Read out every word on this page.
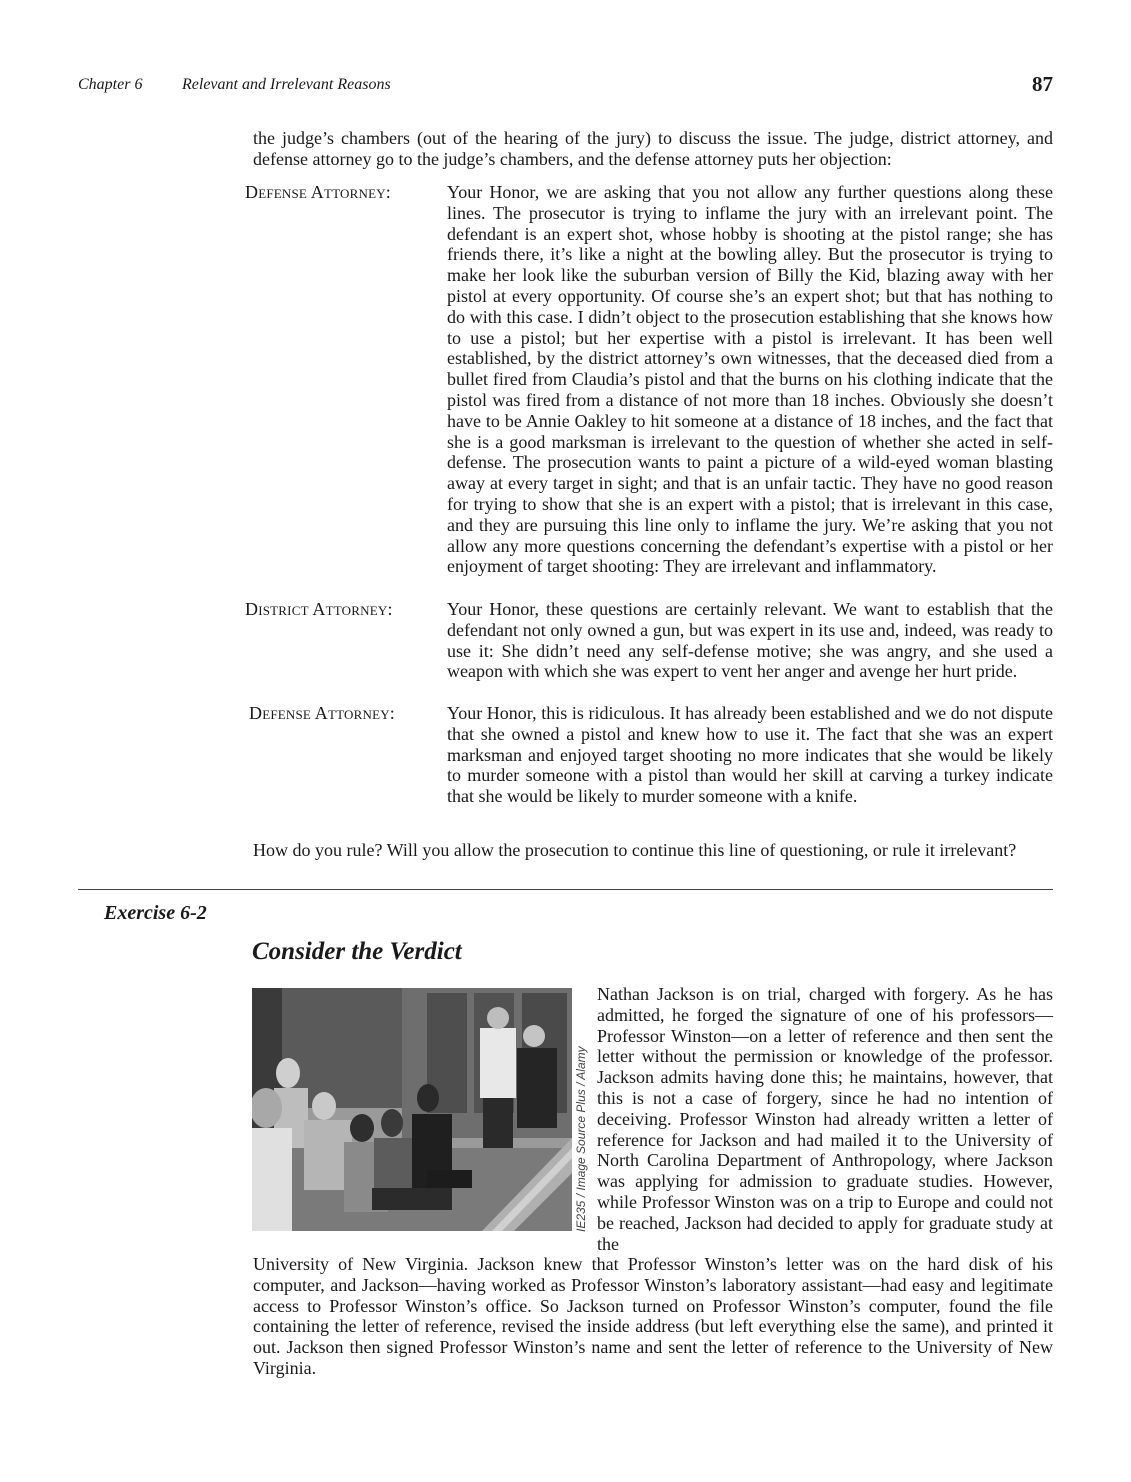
Chapter 6 Relevant and Irrelevant Reasons	87
the judge’s chambers (out of the hearing of the jury) to discuss the issue. The judge, district attorney, and defense attorney go to the judge’s chambers, and the defense attorney puts her objection:
Defense Attorney:	Your Honor, we are asking that you not allow any further questions along these lines. The prosecutor is trying to inflame the jury with an irrelevant point. The defendant is an expert shot, whose hobby is shooting at the pistol range; she has friends there, it’s like a night at the bowling alley. But the prosecutor is trying to make her look like the suburban version of Billy the Kid, blazing away with her pistol at every opportunity. Of course she’s an expert shot; but that has nothing to do with this case. I didn’t object to the prosecution establishing that she knows how to use a pistol; but her expertise with a pistol is irrelevant. It has been well established, by the district attorney’s own witnesses, that the deceased died from a bullet fired from Claudia’s pistol and that the burns on his clothing indicate that the pistol was fired from a distance of not more than 18 inches. Obviously she doesn’t have to be Annie Oakley to hit someone at a distance of 18 inches, and the fact that she is a good marksman is irrelevant to the question of whether she acted in self-defense. The prosecution wants to paint a picture of a wild-eyed woman blasting away at every target in sight; and that is an unfair tactic. They have no good reason for trying to show that she is an expert with a pistol; that is irrelevant in this case, and they are pursuing this line only to inflame the jury. We’re asking that you not allow any more questions concerning the defendant’s expertise with a pistol or her enjoyment of target shooting: They are irrelevant and inflammatory.
District Attorney:	Your Honor, these questions are certainly relevant. We want to establish that the defendant not only owned a gun, but was expert in its use and, indeed, was ready to use it: She didn’t need any self-defense motive; she was angry, and she used a weapon with which she was expert to vent her anger and avenge her hurt pride.
Defense Attorney:	Your Honor, this is ridiculous. It has already been established and we do not dispute that she owned a pistol and knew how to use it. The fact that she was an expert marksman and enjoyed target shooting no more indicates that she would be likely to murder someone with a pistol than would her skill at carving a turkey indicate that she would be likely to murder someone with a knife.
How do you rule? Will you allow the prosecution to continue this line of questioning, or rule it irrelevant?
Exercise 6-2
Consider the Verdict
IE235 / Image Source Plus / Alamy
Nathan Jackson is on trial, charged with forgery. As he has admitted, he forged the signature of one of his professors—Professor Winston—on a letter of reference and then sent the letter without the permission or knowledge of the professor. Jackson admits having done this; he maintains, however, that this is not a case of forgery, since he had no intention of deceiving. Professor Winston had already written a letter of reference for Jackson and had mailed it to the University of North Carolina Department of Anthropology, where Jackson was applying for admission to graduate studies. However, while Professor Winston was on a trip to Europe and could not be reached, Jackson had decided to apply for graduate study at the
University of New Virginia. Jackson knew that Professor Winston’s letter was on the hard disk of his computer, and Jackson—having worked as Professor Winston’s laboratory assistant—had easy and legitimate access to Professor Winston’s office. So Jackson turned on Professor Winston’s computer, found the file containing the letter of reference, revised the inside address (but left everything else the same), and printed it out. Jackson then signed Professor Winston’s name and sent the letter of reference to the University of New Virginia.
